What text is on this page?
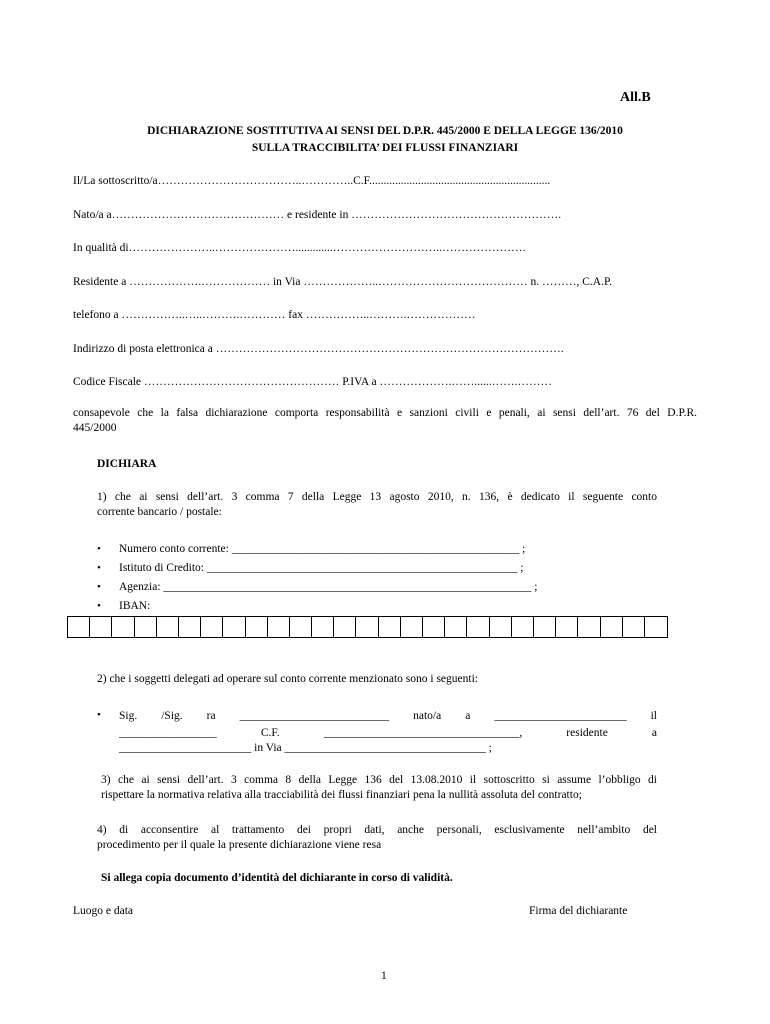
All.B
DICHIARAZIONE SOSTITUTIVA AI SENSI DEL D.P.R. 445/2000 E DELLA LEGGE 136/2010
SULLA TRACCIBILITA’ DEI FLUSSI FINANZIARI
Il/La sottoscritto/a………………………………..…………..C.F...............................................................
Nato/a a……………………………………… e residente in ……………………………………………….
In qualità di…………………..………………….............………………………..………………….
Residente a ……………….……………… in Via ………………..………………………………… n. ………, C.A.P.
telefono a ……………..…..……….………… fax ……………..……….………………
Indirizzo di posta elettronica a ……………………………………………………………………………….
Codice Fiscale …………………………………………… P.IVA a ……………….……......…….………
consapevole che la falsa dichiarazione comporta responsabilità e sanzioni civili e penali, ai sensi dell’art. 76 del D.P.R.
445/2000
DICHIARA
1) che ai sensi dell’art. 3 comma 7 della Legge 13 agosto 2010, n. 136, è dedicato il seguente conto
corrente bancario / postale:
• Numero conto corrente: __________________________________________________ ;
• Istituto di Credito: ______________________________________________________ ;
• Agenzia: ________________________________________________________________ ;
• IBAN:
2) che i soggetti delegati ad operare sul conto corrente menzionato sono i seguenti:
• Sig. /Sig. ra __________________________ nato/a a _______________________ il
_________________ C.F. __________________________________, residente a
_______________________ in Via ___________________________________ ;
3) che ai sensi dell’art. 3 comma 8 della Legge 136 del 13.08.2010 il sottoscritto si assume l’obbligo di
rispettare la normativa relativa alla tracciabilità dei flussi finanziari pena la nullità assoluta del contratto;
4) di acconsentire al trattamento dei propri dati, anche personali, esclusivamente nell’ambito del
procedimento per il quale la presente dichiarazione viene resa
Si allega copia documento d’identità del dichiarante in corso di validità.
Luogo e data	Firma del dichiarante
1
